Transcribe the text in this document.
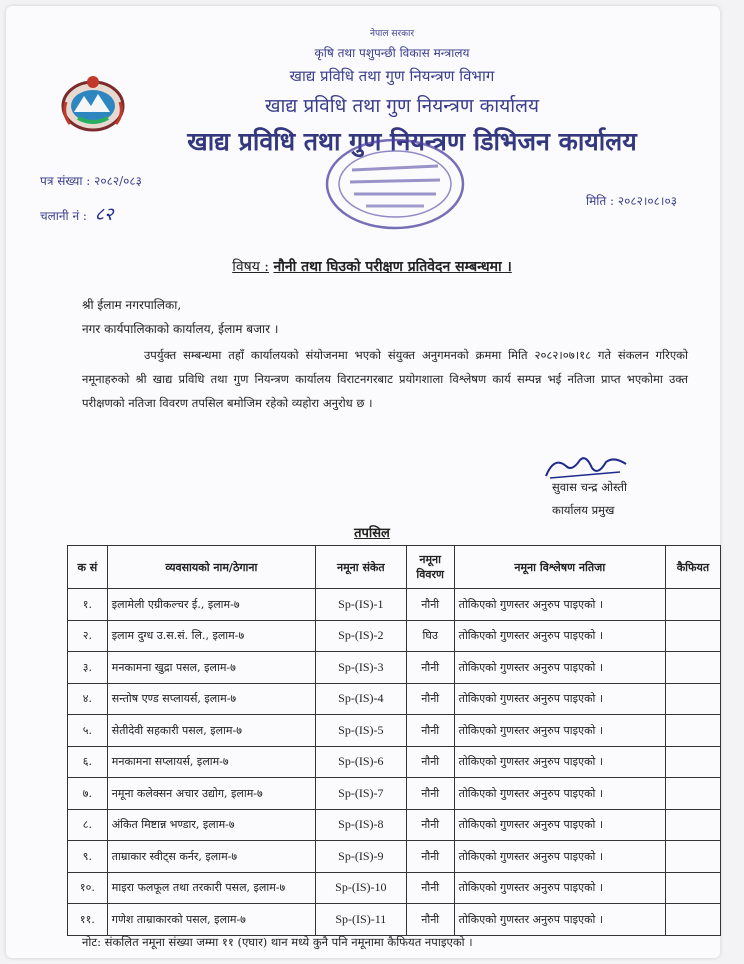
नेपाल सरकार
कृषि तथा पशुपन्छी विकास मन्त्रालय
खाद्य प्रविधि तथा गुण नियन्त्रण विभाग
खाद्य प्रविधि तथा गुण नियन्त्रण कार्यालय
खाद्य प्रविधि तथा गुण नियन्त्रण डिभिजन कार्यालय
पत्र संख्या : २०८२/०८३
चलानी नं : ८२
मिति : २०८२।०८।०३
विषय : नौनी तथा घिउको परीक्षण प्रतिवेदन सम्बन्धमा ।
श्री ईलाम नगरपालिका,
नगर कार्यपालिकाको कार्यालय, ईलाम बजार ।

उपर्युक्त सम्बन्धमा तहाँ कार्यालयको संयोजनमा भएको संयुक्त अनुगमनको क्रममा मिति २०८२।०७।१८ गते संकलन गरिएको नमूनाहरुको श्री खाद्य प्रविधि तथा गुण नियन्त्रण कार्यालय विराटनगरबाट प्रयोगशाला विश्लेषण कार्य सम्पन्न भई नतिजा प्राप्त भएकोमा उक्त परीक्षणको नतिजा विवरण तपसिल बमोजिम रहेको व्यहोरा अनुरोध छ ।

सुवास चन्द्र ओस्ती
कार्यालय प्रमुख
तपसिल
क सं	व्यवसायको नाम/ठेगाना	नमूना संकेत	नमूना विवरण	नमूना विश्लेषण नतिजा	कैफियत
१.	इलामेली एग्रीकल्चर ई., इलाम-७	Sp-(IS)-1	नौनी	तोकिएको गुणस्तर अनुरुप पाइएको ।	
२.	इलाम दुग्ध उ.स.सं. लि., इलाम-७	Sp-(IS)-2	घिउ	तोकिएको गुणस्तर अनुरुप पाइएको ।	
३.	मनकामना खुद्रा पसल, इलाम-७	Sp-(IS)-3	नौनी	तोकिएको गुणस्तर अनुरुप पाइएको ।	
४.	सन्तोष एण्ड सप्लायर्स, इलाम-७	Sp-(IS)-4	नौनी	तोकिएको गुणस्तर अनुरुप पाइएको ।	
५.	सेतीदेवी सहकारी पसल, इलाम-७	Sp-(IS)-5	नौनी	तोकिएको गुणस्तर अनुरुप पाइएको ।	
६.	मनकामना सप्लायर्स, इलाम-७	Sp-(IS)-6	नौनी	तोकिएको गुणस्तर अनुरुप पाइएको ।	
७.	नमूना कलेक्सन अचार उद्योग, इलाम-७	Sp-(IS)-7	नौनी	तोकिएको गुणस्तर अनुरुप पाइएको ।	
८.	अंकित मिष्टान्न भण्डार, इलाम-७	Sp-(IS)-8	नौनी	तोकिएको गुणस्तर अनुरुप पाइएको ।	
९.	ताम्राकार स्वीट्स कर्नर, इलाम-७	Sp-(IS)-9	नौनी	तोकिएको गुणस्तर अनुरुप पाइएको ।	
१०.	माइरा फलफूल तथा तरकारी पसल, इलाम-७	Sp-(IS)-10	नौनी	तोकिएको गुणस्तर अनुरुप पाइएको ।	
११.	गणेश ताम्राकारको पसल, इलाम-७	Sp-(IS)-11	नौनी	तोकिएको गुणस्तर अनुरुप पाइएको ।	
नोट: संकलित नमूना संख्या जम्मा ११ (एघार) थान मध्ये कुनै पनि नमूनामा कैफियत नपाइएको ।
